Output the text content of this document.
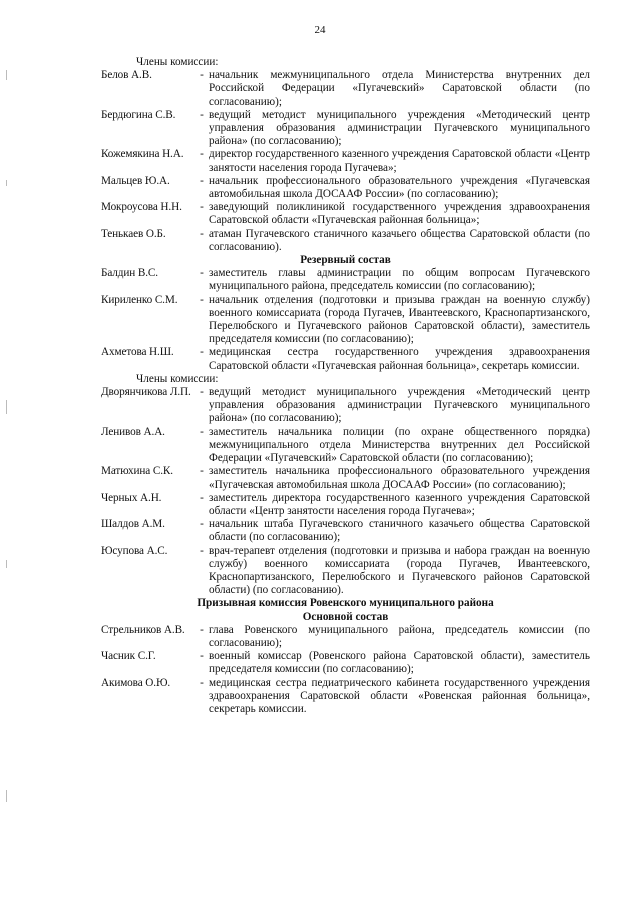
24
Члены комиссии:
Белов А.В.	- начальник межмуниципального отдела Министерства внутренних дел Российской Федерации «Пугачевский» Саратовской области (по согласованию);
Бердюгина С.В.	- ведущий методист муниципального учреждения «Методический центр управления образования администрации Пугачевского муниципального района» (по согласованию);
Кожемякина Н.А.	- директор государственного казенного учреждения Саратовской области «Центр занятости населения города Пугачева»;
Мальцев Ю.А.	- начальник профессионального образовательного учреждения «Пугачевская автомобильная школа ДОСААФ России» (по согласованию);
Мокроусова Н.Н.	- заведующий поликлиникой государственного учреждения здравоохранения Саратовской области «Пугачевская районная больница»;
Тенькаев О.Б.	- атаман Пугачевского станичного казачьего общества Саратовской области (по согласованию).
Резервный состав
Балдин В.С.	- заместитель главы администрации по общим вопросам Пугачевского муниципального района, председатель комиссии (по согласованию);
Кириленко С.М.	- начальник отделения (подготовки и призыва граждан на военную службу) военного комиссариата (города Пугачев, Ивантеевского, Краснопартизанского, Перелюбского и Пугачевского районов Саратовской области), заместитель председателя комиссии (по согласованию);
Ахметова Н.Ш.	- медицинская сестра государственного учреждения здравоохранения Саратовской области «Пугачевская районная больница», секретарь комиссии.
Члены комиссии:
Дворянчикова Л.П. - ведущий методист муниципального учреждения «Методический центр управления образования администрации Пугачевского муниципального района» (по согласованию);
Ленивов А.А.	- заместитель начальника полиции (по охране общественного порядка) межмуниципального отдела Министерства внутренних дел Российской Федерации «Пугачевский» Саратовской области (по согласованию);
Матюхина С.К.	- заместитель начальника профессионального образовательного учреждения «Пугачевская автомобильная школа ДОСААФ России» (по согласованию);
Черных А.Н.	- заместитель директора государственного казенного учреждения Саратовской области «Центр занятости населения города Пугачева»;
Шалдов А.М.	- начальник штаба Пугачевского станичного казачьего общества Саратовской области (по согласованию);
Юсупова А.С.	- врач-терапевт отделения (подготовки и призыва и набора граждан на военную службу) военного комиссариата (города Пугачев, Ивантеевского, Краснопартизанского, Перелюбского и Пугачевского районов Саратовской области) (по согласованию).
Призывная комиссия Ровенского муниципального района
Основной состав
Стрельников А.В.	- глава Ровенского муниципального района, председатель комиссии (по согласованию);
Часник С.Г.	- военный комиссар (Ровенского района Саратовской области), заместитель председателя комиссии (по согласованию);
Акимова О.Ю.	- медицинская сестра педиатрического кабинета государственного учреждения здравоохранения Саратовской области «Ровенская районная больница», секретарь комиссии.
